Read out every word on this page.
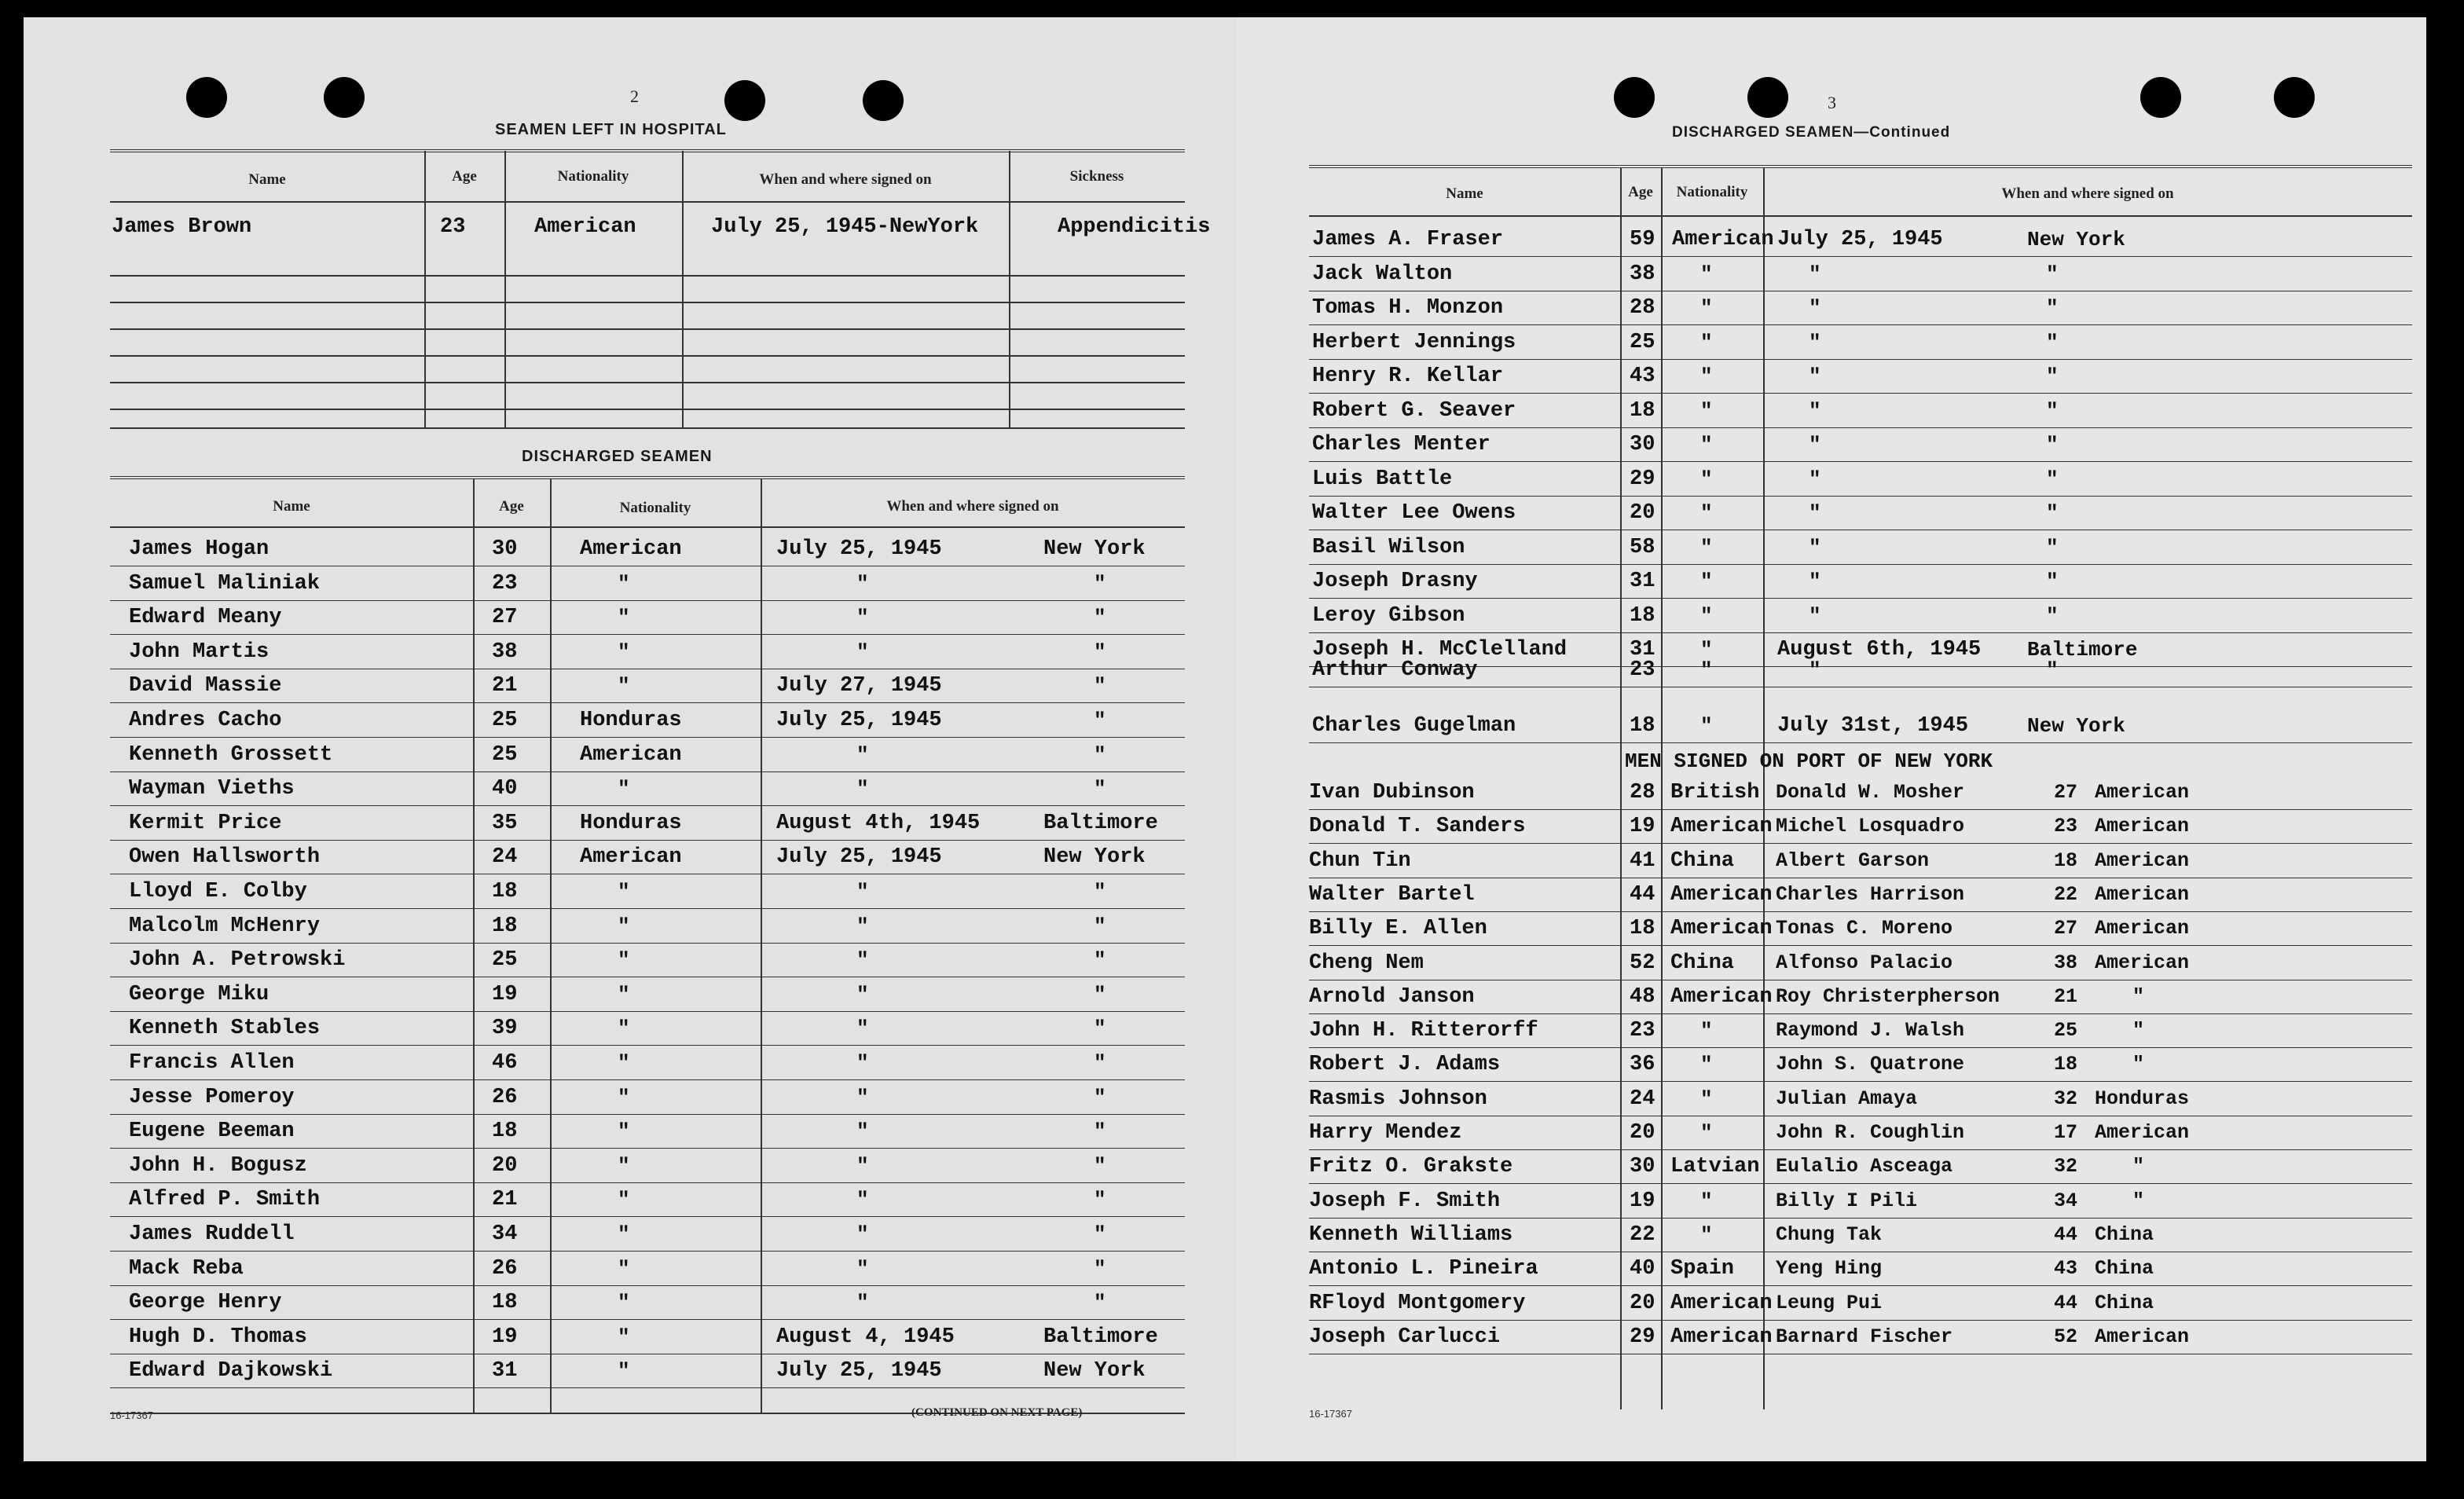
2
SEAMEN LEFT IN HOSPITAL
Name	Age	Nationality	When and where signed on	Sickness
James Brown	23	American	July 25, 1945-NewYork	Appendicitis
DISCHARGED SEAMEN
Name	Age	Nationality	When and where signed on
James Hogan	30	American	July 25, 1945	New York
Samuel Maliniak	23	"	"	"
Edward Meany	27	"	"	"
John Martis	38	"	"	"
David Massie	21	"	July 27, 1945	"
Andres Cacho	25	Honduras	July 25, 1945	"
Kenneth Grossett	25	American	"	"
Wayman Vieths	40	"	"	"
Kermit Price	35	Honduras	August 4th, 1945	Baltimore
Owen Hallsworth	24	American	July 25, 1945	New York
Lloyd E. Colby	18	"	"	"
Malcolm McHenry	18	"	"	"
John A. Petrowski	25	"	"	"
George Miku	19	"	"	"
Kenneth Stables	39	"	"	"
Francis Allen	46	"	"	"
Jesse Pomeroy	26	"	"	"
Eugene Beeman	18	"	"	"
John H. Bogusz	20	"	"	"
Alfred P. Smith	21	"	"	"
James Ruddell	34	"	"	"
Mack Reba	26	"	"	"
George Henry	18	"	"	"
Hugh D. Thomas	19	"	August 4, 1945	Baltimore
Edward Dajkowski	31	"	July 25, 1945	New York
16-17367	(CONTINUED ON NEXT PAGE)
3
DISCHARGED SEAMEN—Continued
Name	Age	Nationality	When and where signed on
James A. Fraser	59 American July 25, 1945	New York
Jack Walton	38 "	"	"
Tomas H. Monzon	28 "	"	"
Herbert Jennings	25 "	"	"
Henry R. Kellar	43 "	"	"
Robert G. Seaver	18 "	"	"
Charles Menter	30 "	"	"
Luis Battle	29 "	"	"
Walter Lee Owens	20 "	"	"
Basil Wilson	58 "	"	"
Joseph Drasny	31 "	"	"
Leroy Gibson	18 "	"	"
Joseph H. McClelland	31 "	August 6th, 1945 Baltimore
Arthur Conway	23 "	"	"
Charles Gugelman	18 "	July 31st, 1945	New York
Ivan Dubinson	28 British Donald W. Mosher	27 American
Donald T. Sanders	19 American Michel Losquadro	23 American
Chun Tin	41 China Albert Garson	18 American
Walter Bartel	44 American Charles Harrison	22 American
Billy E. Allen	18 American Tonas C. Moreno	27 American
Cheng Nem	52 China Alfonso Palacio	38 American
Arnold Janson	48 American Roy Christerpherson	21	"
John H. Ritterorff	23 "	Raymond J. Walsh	25	"
Robert J. Adams	36 "	John S. Quatrone	18	"
Rasmis Johnson	24 "	Julian Amaya	32 Honduras
Harry Mendez	20 "	John R. Coughlin	17 American
Fritz O. Grakste	30 Latvian Eulalio Asceaga	32	"
Joseph F. Smith	19 "	Billy I Pili	34	"
Kenneth Williams	22 "	Chung Tak	44 China
Antonio L. Pineira	40 Spain Yeng Hing	43 China
RFloyd Montgomery	20 American Leung Pui	44 China
Joseph Carlucci	29 American Barnard Fischer	52 American
MEN SIGNED ON PORT OF NEW YORK
16-17367
